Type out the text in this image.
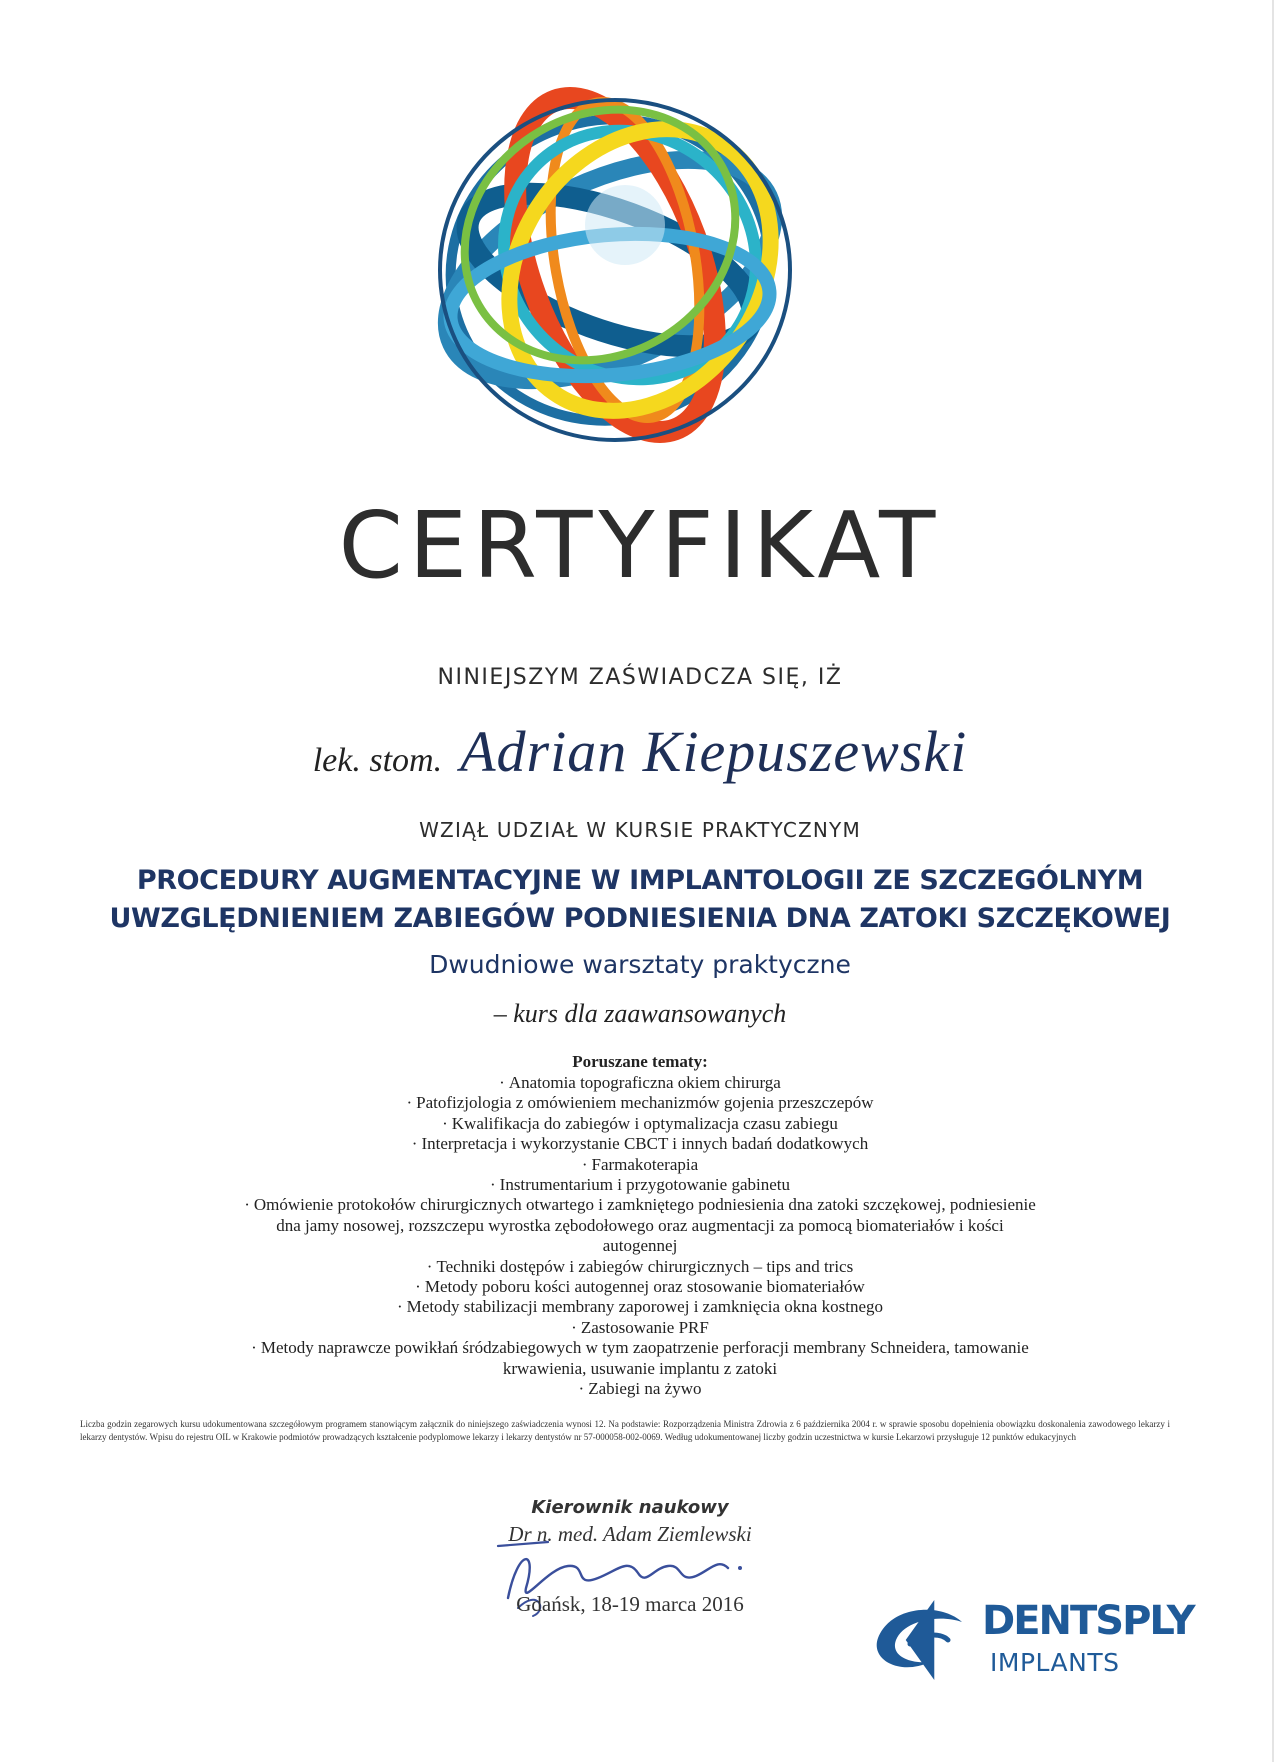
CERTYFIKAT
NINIEJSZYM ZAŚWIADCZA SIĘ, IŻ
lek. stom. Adrian Kiepuszewski
WZIĄŁ UDZIAŁ W KURSIE PRAKTYCZNYM
PROCEDURY AUGMENTACYJNE W IMPLANTOLOGII ZE SZCZEGÓLNYM
UWZGLĘDNIENIEM ZABIEGÓW PODNIESIENIA DNA ZATOKI SZCZĘKOWEJ
Dwudniowe warsztaty praktyczne
– kurs dla zaawansowanych
Poruszane tematy:
· Anatomia topograficzna okiem chirurga
· Patofizjologia z omówieniem mechanizmów gojenia przeszczepów
· Kwalifikacja do zabiegów i optymalizacja czasu zabiegu
· Interpretacja i wykorzystanie CBCT i innych badań dodatkowych
· Farmakoterapia
· Instrumentarium i przygotowanie gabinetu
· Omówienie protokołów chirurgicznych otwartego i zamkniętego podniesienia dna zatoki szczękowej, podniesienie dna jamy nosowej, rozszczepu wyrostka zębodołowego oraz augmentacji za pomocą biomateriałów i kości autogennej
· Techniki dostępów i zabiegów chirurgicznych – tips and trics
· Metody poboru kości autogennej oraz stosowanie biomateriałów
· Metody stabilizacji membrany zaporowej i zamknięcia okna kostnego
· Zastosowanie PRF
· Metody naprawcze powikłań śródzabiegowych w tym zaopatrzenie perforacji membrany Schneidera, tamowanie krwawienia, usuwanie implantu z zatoki
· Zabiegi na żywo
Liczba godzin zegarowych kursu udokumentowana szczegółowym programem stanowiącym załącznik do niniejszego zaświadczenia wynosi 12. Na podstawie: Rozporządzenia Ministra Zdrowia z 6 października 2004 r. w sprawie sposobu dopełnienia obowiązku doskonalenia zawodowego lekarzy i lekarzy dentystów. Wpisu do rejestru OIL w Krakowie podmiotów prowadzących kształcenie podyplomowe lekarzy i lekarzy dentystów nr 57-000058-002-0069. Według udokumentowanej liczby godzin uczestnictwa w kursie Lekarzowi przysługuje 12 punktów edukacyjnych
Kierownik naukowy
Dr n. med. Adam Ziemlewski
Gdańsk, 18-19 marca 2016	DENTSPLY
IMPLANTS
